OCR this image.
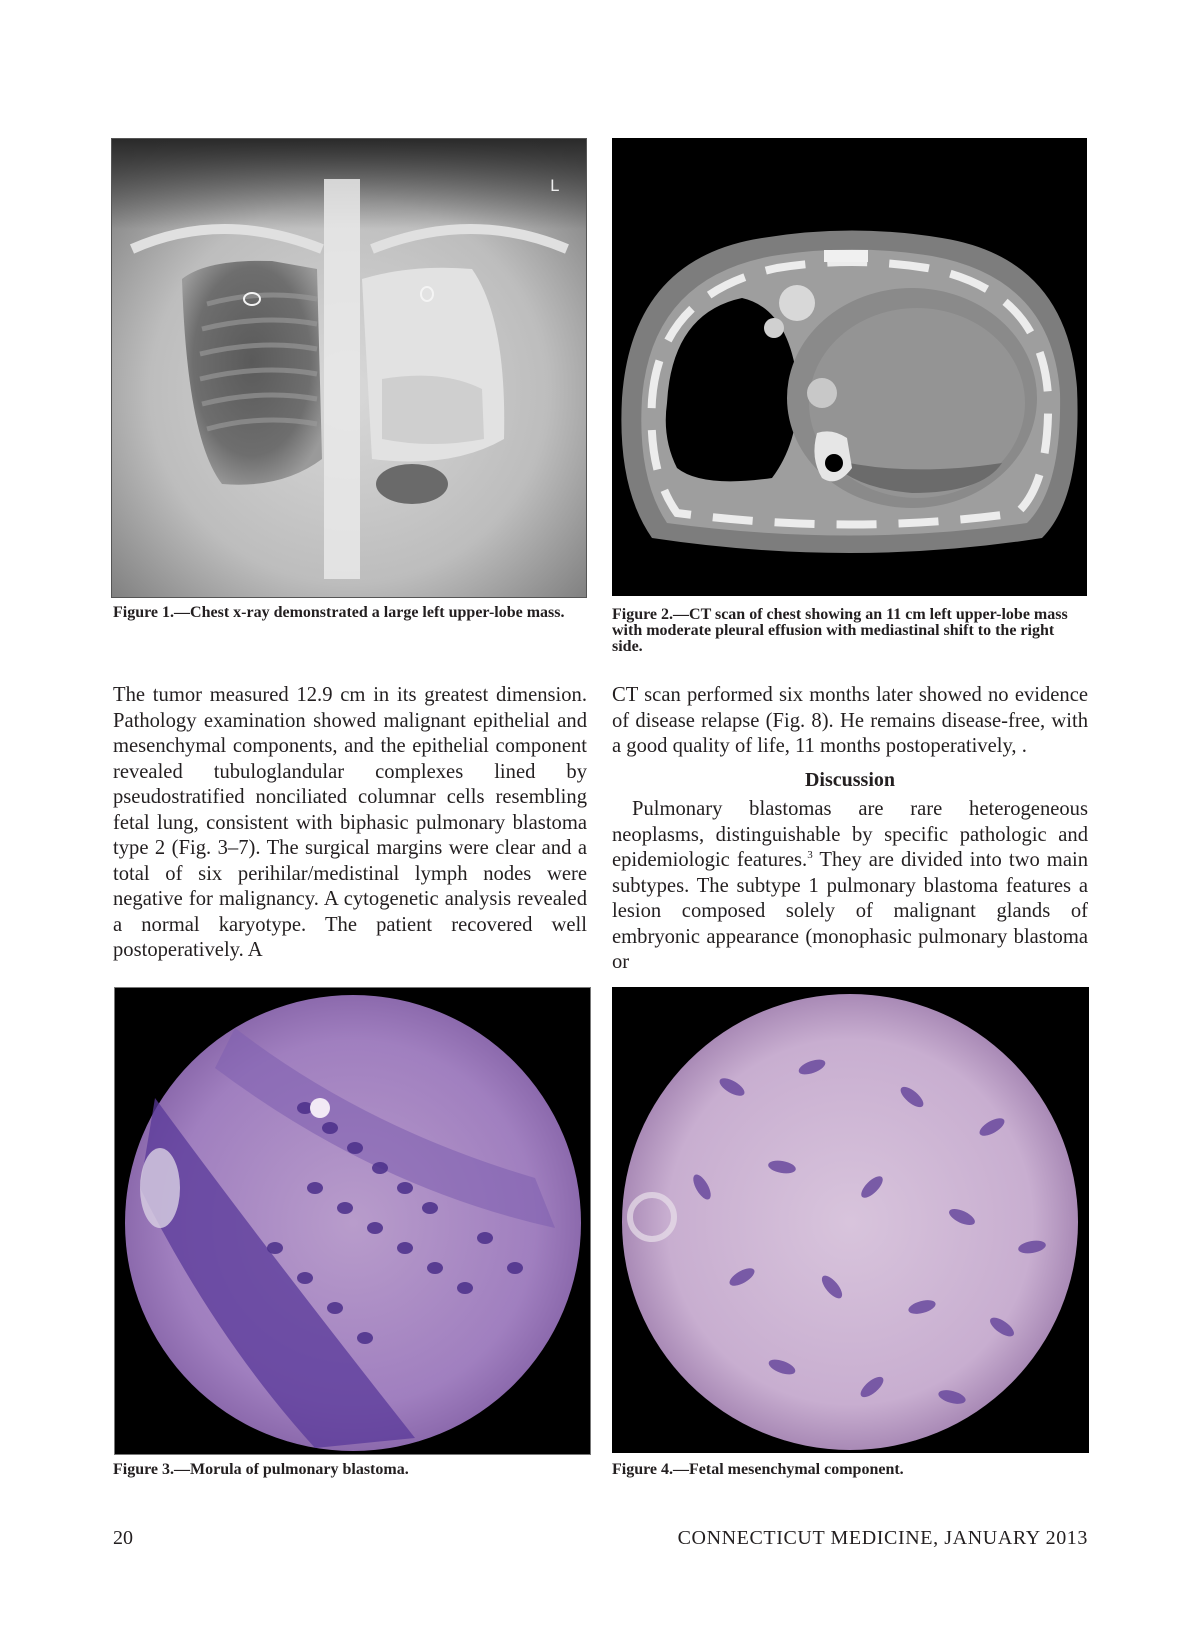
L

Figure 1.—Chest x-ray demonstrated a large left upper-lobe mass.	Figure 2.—CT scan of chest showing an 11 cm left upper-lobe mass with moderate pleural effusion with mediastinal shift to the right side.

The tumor measured 12.9 cm in its greatest dimension. Pathology examination showed malignant epithelial and mesenchymal components, and the epithelial component revealed tubuloglandular complexes lined by pseudostratified nonciliated columnar cells resembling fetal lung, consistent with biphasic pulmonary blastoma type 2 (Fig. 3–7). The surgical margins were clear and a total of six perihilar/medistinal lymph nodes were negative for malignancy. A cytogenetic analysis revealed a normal karyotype. The patient recovered well postoperatively. A

CT scan performed six months later showed no evidence of disease relapse (Fig. 8). He remains disease-free, with a good quality of life, 11 months postoperatively, .

Discussion

Pulmonary blastomas are rare heterogeneous neoplasms, distinguishable by specific pathologic and epidemiologic features.$^3$ They are divided into two main subtypes. The subtype 1 pulmonary blastoma features a lesion composed solely of malignant glands of embryonic appearance (monophasic pulmonary blastoma or

Figure 3.—Morula of pulmonary blastoma.	Figure 4.—Fetal mesenchymal component.

20	CONNECTICUT MEDICINE, JANUARY 2013
